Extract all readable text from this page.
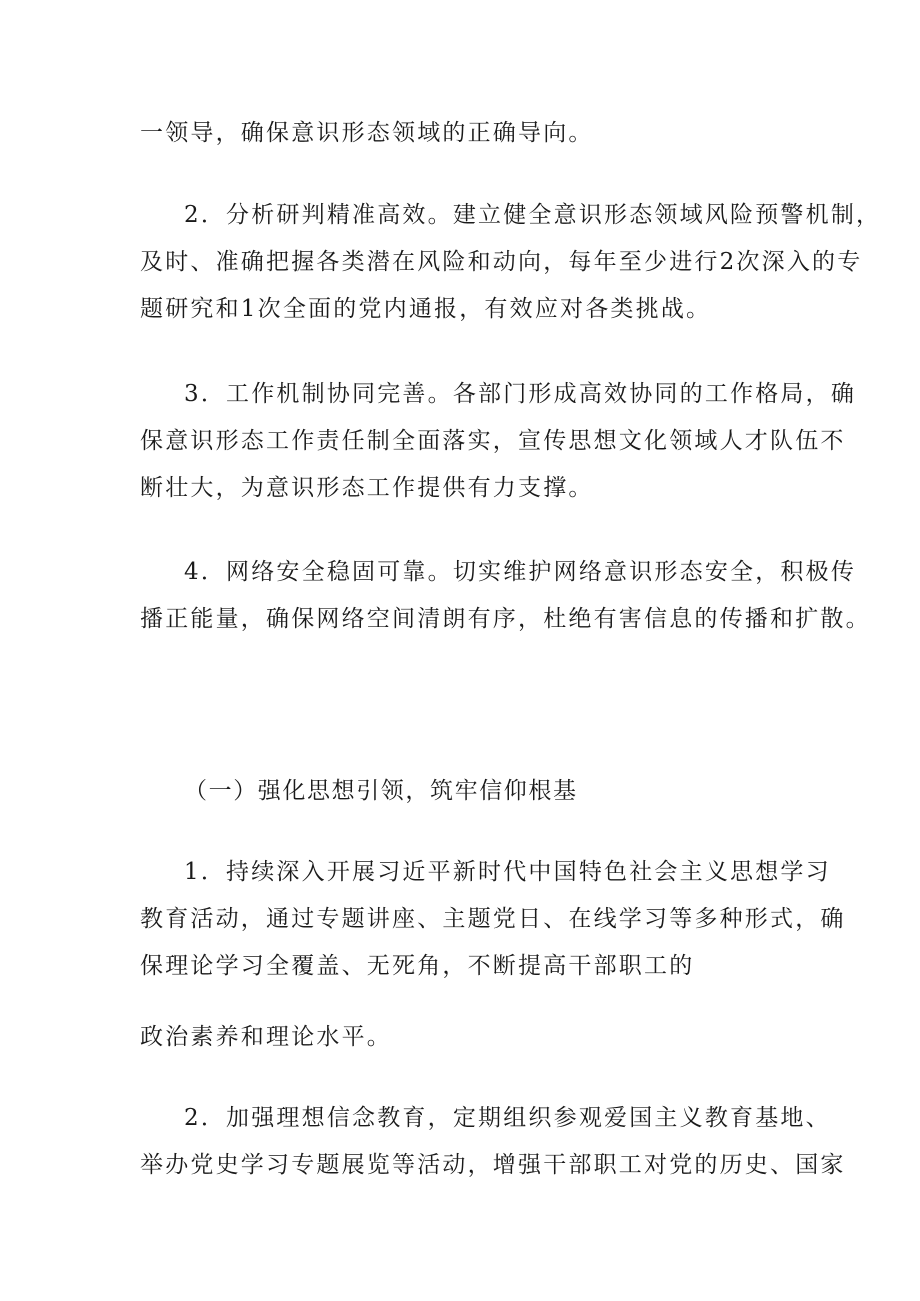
一领导，确保意识形态领域的正确导向。
2．分析研判精准高效。建立健全意识形态领域风险预警机制，
及时、准确把握各类潜在风险和动向，每年至少进行2次深入的专
题研究和1次全面的党内通报，有效应对各类挑战。
3．工作机制协同完善。各部门形成高效协同的工作格局，确
保意识形态工作责任制全面落实，宣传思想文化领域人才队伍不
断壮大，为意识形态工作提供有力支撑。
4．网络安全稳固可靠。切实维护网络意识形态安全，积极传
播正能量，确保网络空间清朗有序，杜绝有害信息的传播和扩散。
（一）强化思想引领，筑牢信仰根基
1．持续深入开展习近平新时代中国特色社会主义思想学习
教育活动，通过专题讲座、主题党日、在线学习等多种形式，确
保理论学习全覆盖、无死角，不断提高干部职工的
政治素养和理论水平。
2．加强理想信念教育，定期组织参观爱国主义教育基地、
举办党史学习专题展览等活动，增强干部职工对党的历史、国家
